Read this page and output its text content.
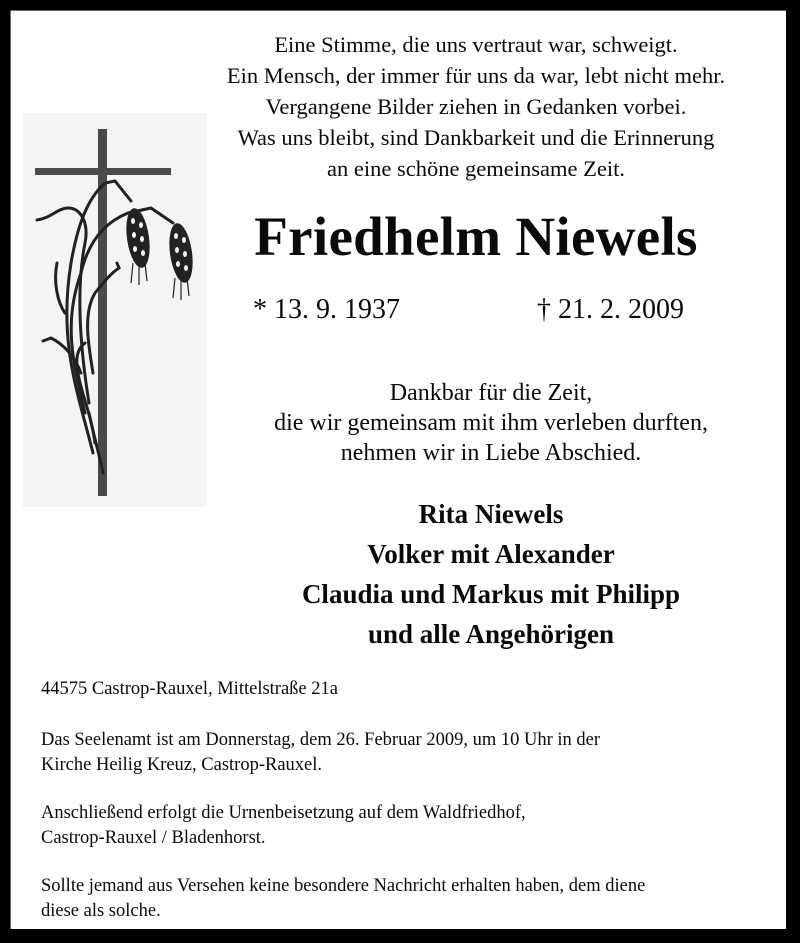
Eine Stimme, die uns vertraut war, schweigt.
Ein Mensch, der immer für uns da war, lebt nicht mehr.
Vergangene Bilder ziehen in Gedanken vorbei.
Was uns bleibt, sind Dankbarkeit und die Erinnerung
an eine schöne gemeinsame Zeit.
Friedhelm Niewels
* 13. 9. 1937	† 21. 2. 2009
Dankbar für die Zeit,
die wir gemeinsam mit ihm verleben durften,
nehmen wir in Liebe Abschied.
Rita Niewels
Volker mit Alexander
Claudia und Markus mit Philipp
und alle Angehörigen
44575 Castrop-Rauxel, Mittelstraße 21a
Das Seelenamt ist am Donnerstag, dem 26. Februar 2009, um 10 Uhr in der
Kirche Heilig Kreuz, Castrop-Rauxel.
Anschließend erfolgt die Urnenbeisetzung auf dem Waldfriedhof,
Castrop-Rauxel / Bladenhorst.
Sollte jemand aus Versehen keine besondere Nachricht erhalten haben, dem diene
diese als solche.
